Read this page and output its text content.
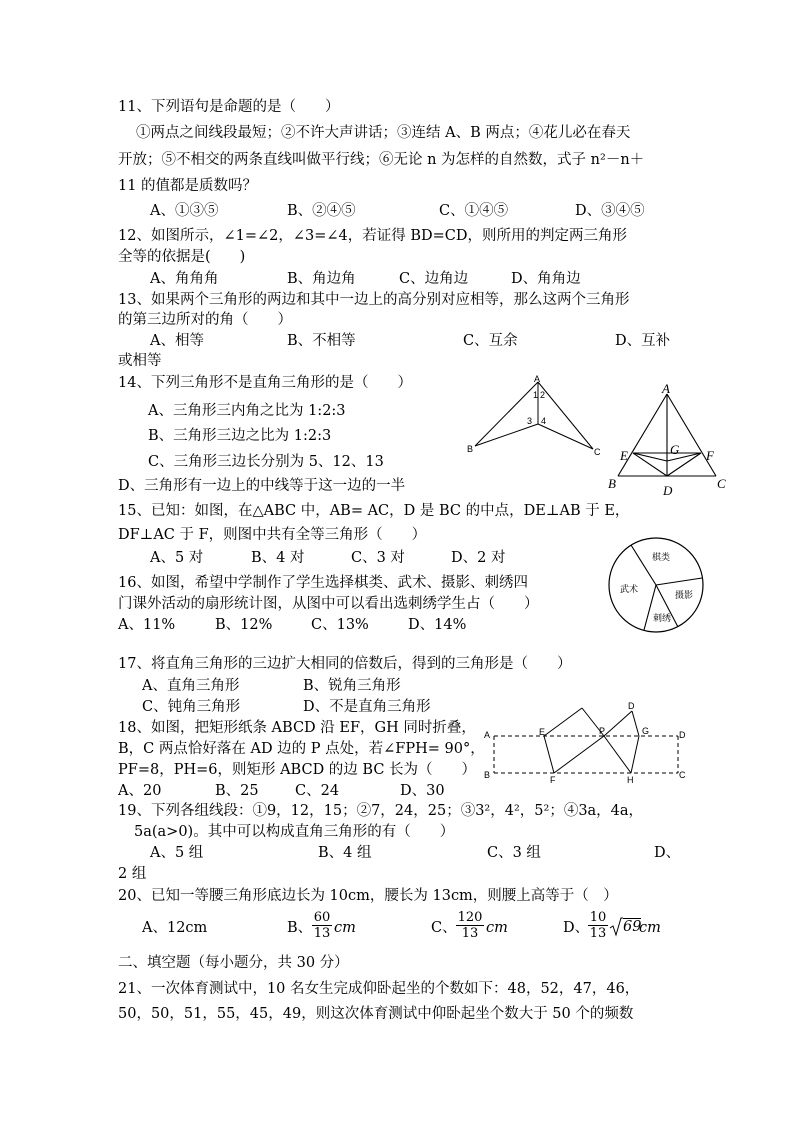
11、下列语句是命题的是（　　）
①两点之间线段最短；②不许大声讲话；③连结 A、B 两点；④花儿必在春天
开放；⑤不相交的两条直线叫做平行线；⑥无论 n 为怎样的自然数，式子 n²－n＋
11 的值都是质数吗？
A、①③⑤	B、②④⑤	C、①④⑤	D、③④⑤
12、如图所示，∠1=∠2，∠3=∠4，若证得 BD=CD，则所用的判定两三角形
全等的依据是(　　)
A、角角角	B、角边角	C、边角边	D、角角边
13、如果两个三角形的两边和其中一边上的高分别对应相等，那么这两个三角形
的第三边所对的角（　　）
A、相等	B、不相等	C、互余	D、互补
或相等
14、下列三角形不是直角三角形的是（　　）
A、三角形三内角之比为 1:2:3
B、三角形三边之比为 1:2:3
C、三角形三边长分别为 5、12、13
D、三角形有一边上的中线等于这一边的一半
A
1 2
3 4
B	C
A
E	G F
B	D	C
15、已知：如图，在△ABC 中，AB= AC，D 是 BC 的中点，DE⊥AB 于 E，
DF⊥AC 于 F，则图中共有全等三角形（　　）
A、5 对	B、4 对	C、3 对	D、2 对	棋类
武术
摄影
刺绣
16、如图，希望中学制作了学生选择棋类、武术、摄影、刺绣四
门课外活动的扇形统计图，从图中可以看出选刺绣学生占（　　）
A、11%	B、12%	C、13%	D、14%
17、将直角三角形的三边扩大相同的倍数后，得到的三角形是（　　）
A、直角三角形	B、锐角三角形
C、钝角三角形	D、不是直角三角形
A	E	P
D
G	D
B	F	H	C
18、如图，把矩形纸条 ABCD 沿 EF，GH 同时折叠，
B，C 两点恰好落在 AD 边的 P 点处，若∠FPH= 90°，
PF=8，PH=6，则矩形 ABCD 的边 BC 长为（　　）
A、20	B、25	C、24	D、30
19、下列各组线段：①9，12，15；②7，24，25；③3²，4²，5²；④3a，4a，
5a(a>0)。其中可以构成直角三角形的有（　　）
A、5 组	B、4 组	C、3 组	D、
2 组
20、已知一等腰三角形底边长为 10cm，腰长为 13cm，则腰上高等于（　）
A、12cm	B、 $\frac{60}{13}$ cm	C、 $\frac{120}{13}$ cm	D、
$\frac{10}{13} 69$
cm
二、填空题（每小题分，共 30 分）
21、一次体育测试中，10 名女生完成仰卧起坐的个数如下：48，52，47，46，
50，50，51，55，45，49，则这次体育测试中仰卧起坐个数大于 50 个的频数
